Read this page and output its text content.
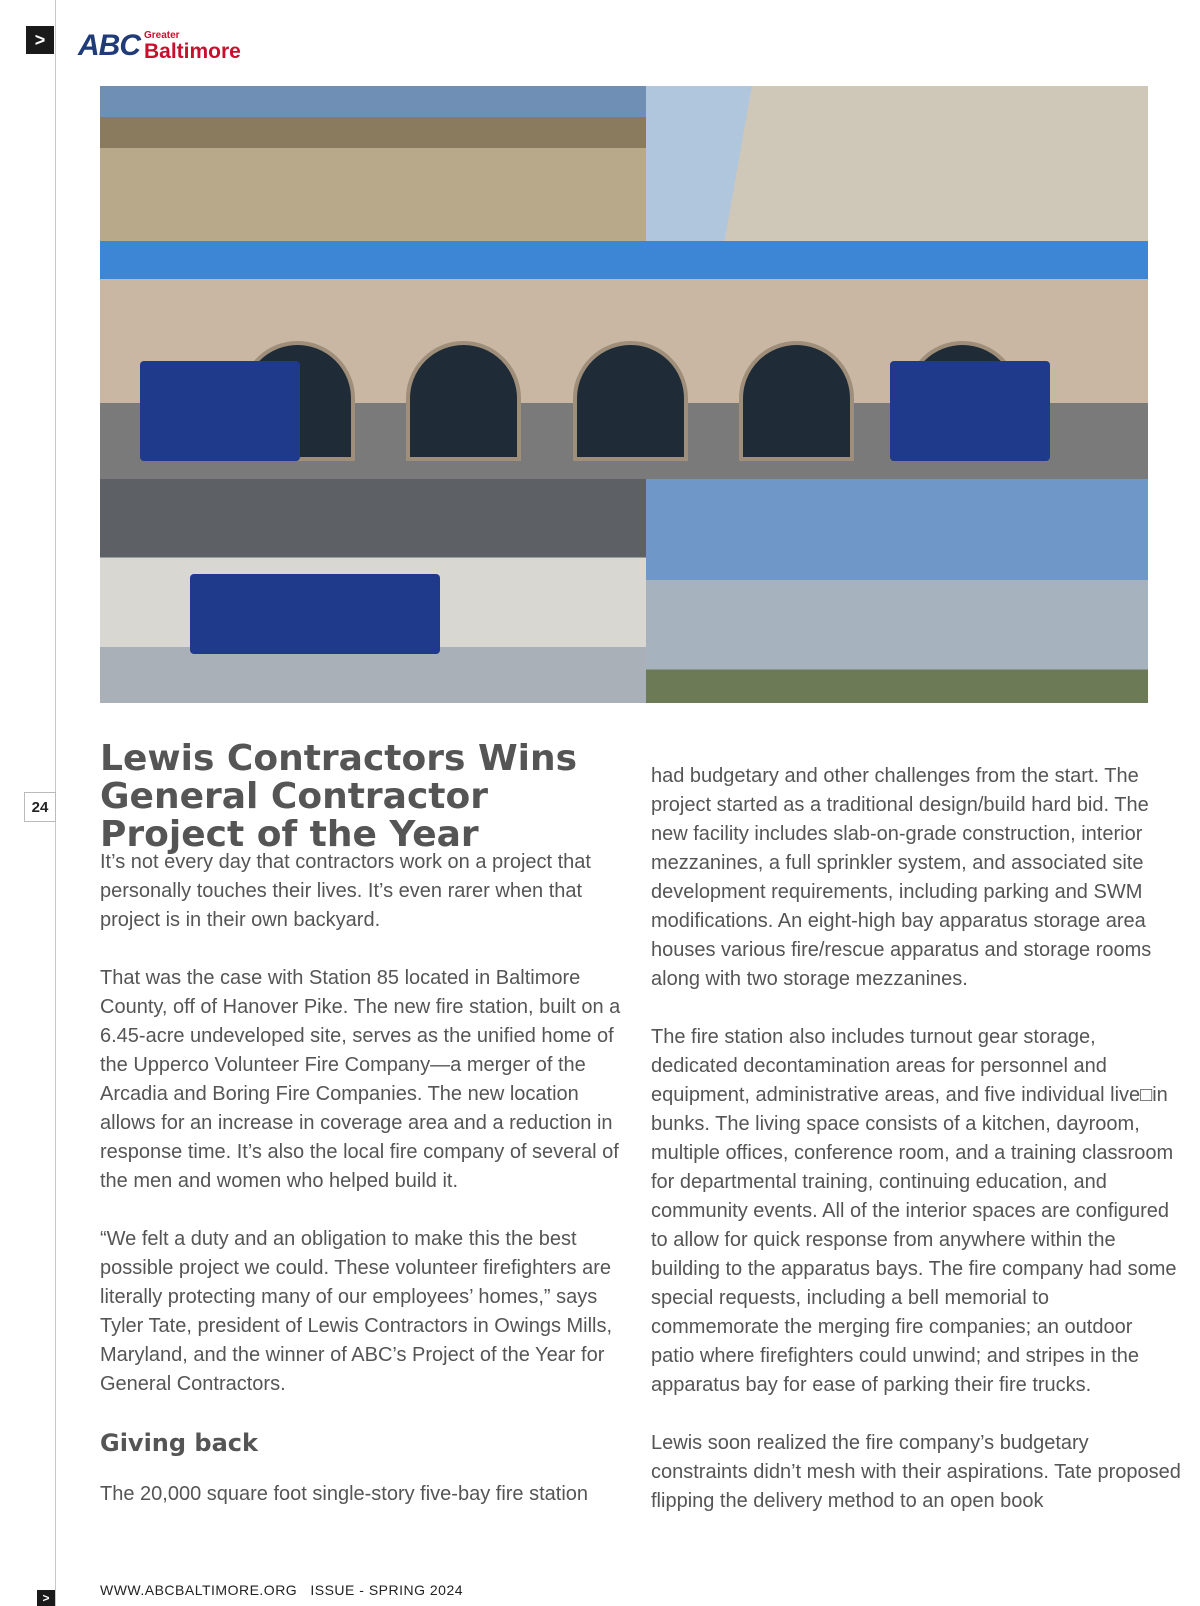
>
24
>
ABC Greater
Baltimore
Lewis Contractors Wins General Contractor Project of the Year

It’s not every day that contractors work on a project that personally touches their lives. It’s even rarer when that project is in their own backyard.

That was the case with Station 85 located in Baltimore County, off of Hanover Pike. The new fire station, built on a 6.45-acre undeveloped site, serves as the unified home of the Upperco Volunteer Fire Company—a merger of the Arcadia and Boring Fire Companies. The new location allows for an increase in coverage area and a reduction in response time. It’s also the local fire company of several of the men and women who helped build it.

“We felt a duty and an obligation to make this the best possible project we could. These volunteer firefighters are literally protecting many of our employees’ homes,” says Tyler Tate, president of Lewis Contractors in Owings Mills, Maryland, and the winner of ABC’s Project of the Year for General Contractors.

Giving back

The 20,000 square foot single-story five-bay fire station

had budgetary and other challenges from the start. The project started as a traditional design/build hard bid. The new facility includes slab-on-grade construction, interior mezzanines, a full sprinkler system, and associated site development requirements, including parking and SWM modifications. An eight-high bay apparatus storage area houses various fire/rescue apparatus and storage rooms along with two storage mezzanines.

The fire station also includes turnout gear storage, dedicated decontamination areas for personnel and equipment, administrative areas, and five individual live□in bunks. The living space consists of a kitchen, dayroom, multiple offices, conference room, and a training classroom for departmental training, continuing education, and community events. All of the interior spaces are configured to allow for quick response from anywhere within the building to the apparatus bays. The fire company had some special requests, including a bell memorial to commemorate the merging fire companies; an outdoor patio where firefighters could unwind; and stripes in the apparatus bay for ease of parking their fire trucks.

Lewis soon realized the fire company’s budgetary constraints didn’t mesh with their aspirations. Tate proposed flipping the delivery method to an open book

WWW.ABCBALTIMORE.ORG   ISSUE - SPRING 2024
